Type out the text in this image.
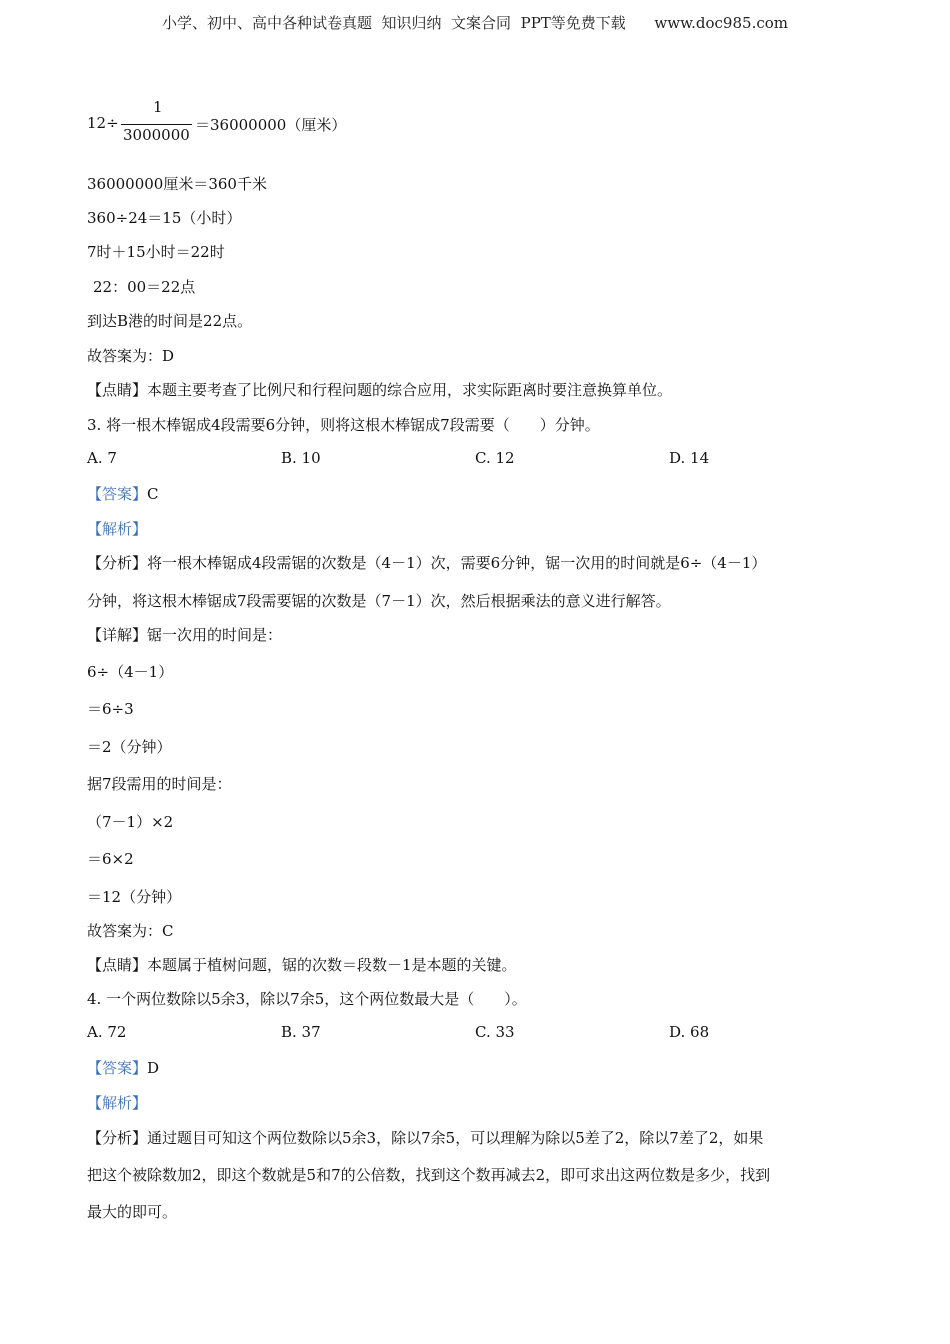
小学、初中、高中各种试卷真题  知识归纳  文案合同  PPT等免费下载      www.doc985.com
12÷
1
3000000
＝36000000（厘米）
36000000厘米＝360千米
360÷24＝15（小时）
7时＋15小时＝22时
22：00＝22点
到达B港的时间是22点。
故答案为：D
【点睛】本题主要考查了比例尺和行程问题的综合应用，求实际距离时要注意换算单位。
3. 将一根木棒锯成4段需要6分钟，则将这根木棒锯成7段需要（　　）分钟。
A. 7	B. 10	C. 12	D. 14
【答案】C
【解析】
【分析】将一根木棒锯成4段需锯的次数是（4－1）次，需要6分钟，锯一次用的时间就是6÷（4－1）
分钟，将这根木棒锯成7段需要锯的次数是（7－1）次，然后根据乘法的意义进行解答。
【详解】锯一次用的时间是：
6÷（4－1）
＝6÷3
＝2（分钟）
据7段需用的时间是：
（7－1）×2
＝6×2
＝12（分钟）
故答案为：C
【点睛】本题属于植树问题，锯的次数＝段数－1是本题的关键。
4. 一个两位数除以5余3，除以7余5，这个两位数最大是（　　）。
A. 72	B. 37	C. 33	D. 68
【答案】D
【解析】
【分析】通过题目可知这个两位数除以5余3，除以7余5，可以理解为除以5差了2，除以7差了2，如果
把这个被除数加2，即这个数就是5和7的公倍数，找到这个数再减去2，即可求出这两位数是多少，找到
最大的即可。
